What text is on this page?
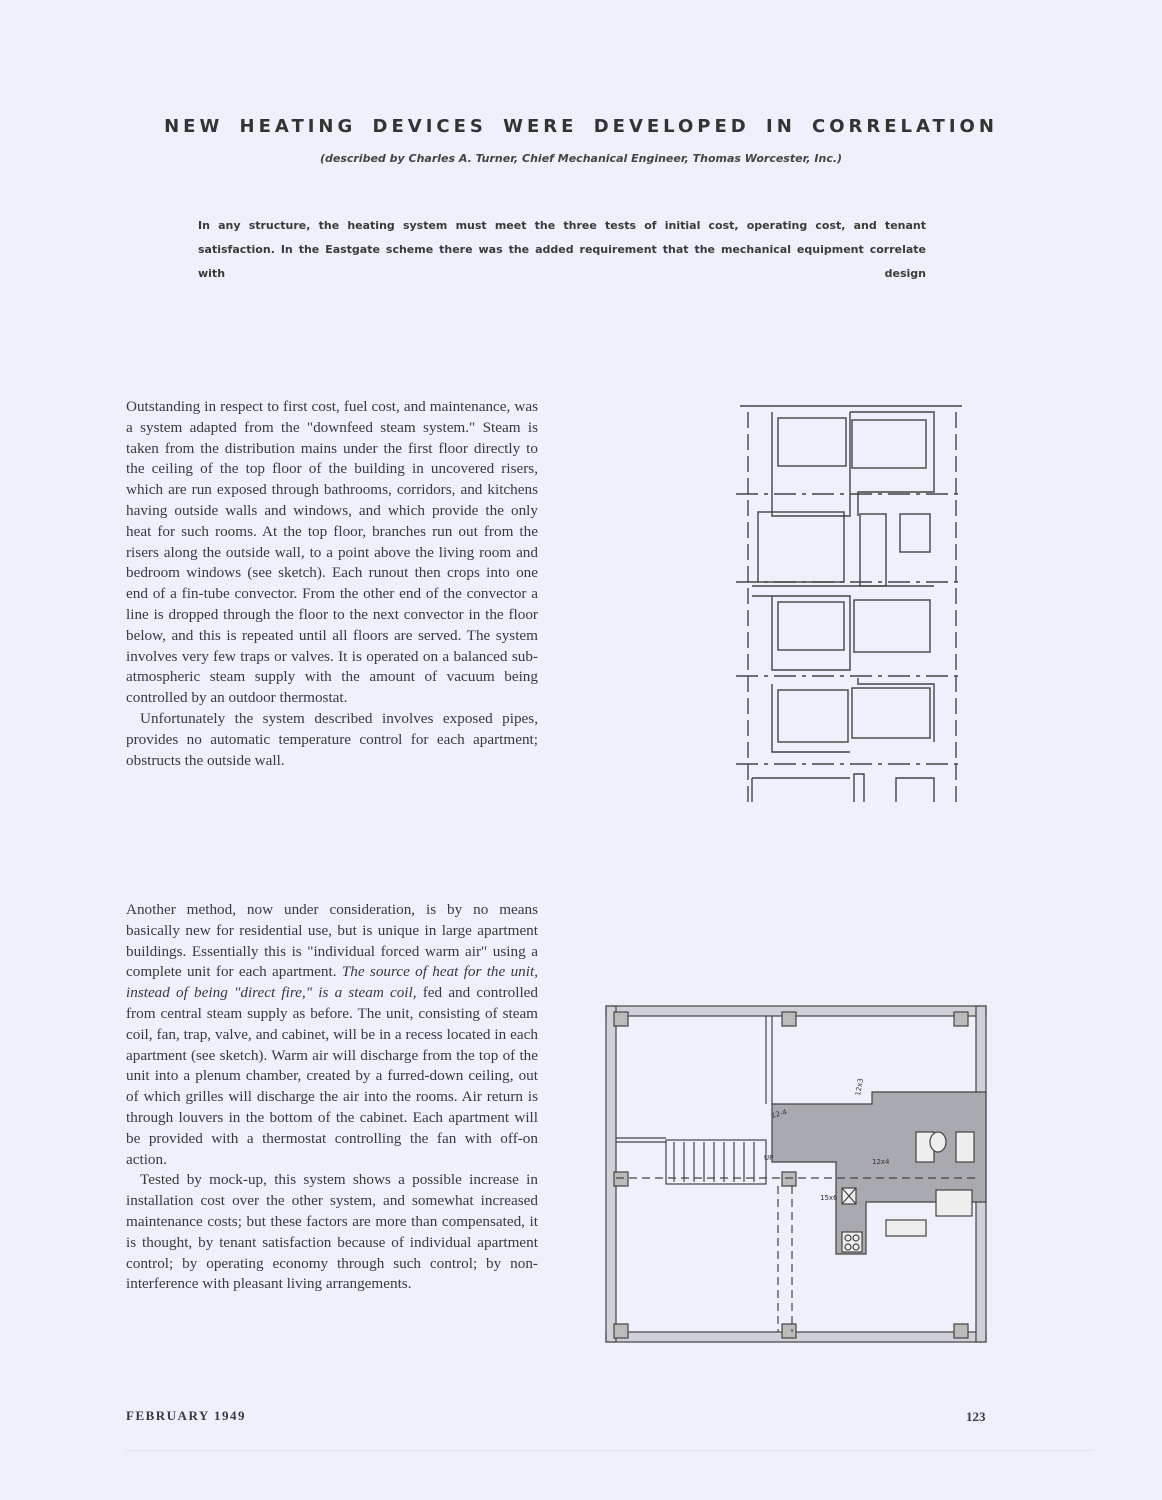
NEW HEATING DEVICES WERE DEVELOPED IN CORRELATION
(described by Charles A. Turner, Chief Mechanical Engineer, Thomas Worcester, Inc.)
In any structure, the heating system must meet the three tests of initial cost, operating cost, and tenant satisfaction. In the Eastgate scheme there was the added requirement that the mechanical equipment correlate with design

Outstanding in respect to first cost, fuel cost, and maintenance, was a system adapted from the "downfeed steam system." Steam is taken from the distribution mains under the first floor directly to the ceiling of the top floor of the building in uncovered risers, which are run exposed through bathrooms, corridors, and kitchens having outside walls and windows, and which provide the only heat for such rooms. At the top floor, branches run out from the risers along the outside wall, to a point above the living room and bedroom windows (see sketch). Each runout then crops into one end of a fin-tube convector. From the other end of the convector a line is dropped through the floor to the next convector in the floor below, and this is repeated until all floors are served. The system involves very few traps or valves. It is operated on a balanced sub-atmospheric steam supply with the amount of vacuum being controlled by an outdoor thermostat.

Unfortunately the system described involves exposed pipes, provides no automatic temperature control for each apartment; obstructs the outside wall.

Another method, now under consideration, is by no means basically new for residential use, but is unique in large apartment buildings. Essentially this is "individual forced warm air" using a complete unit for each apartment. The source of heat for the unit, instead of being "direct fire," is a steam coil, fed and controlled from central steam supply as before. The unit, consisting of steam coil, fan, trap, valve, and cabinet, will be in a recess located in each apartment (see sketch). Warm air will discharge from the top of the unit into a plenum chamber, created by a furred-down ceiling, out of which grilles will discharge the air into the rooms. Air return is through louvers in the bottom of the cabinet. Each apartment will be provided with a thermostat controlling the fan with off-on action.

Tested by mock-up, this system shows a possible increase in installation cost over the other system, and somewhat increased maintenance costs; but these factors are more than compensated, it is thought, by tenant satisfaction because of individual apartment control; by operating economy through such control; by non-interference with pleasant living arrangements.

UP
12-4
12x3
12x4
15x6
FEBRUARY 1949	123
